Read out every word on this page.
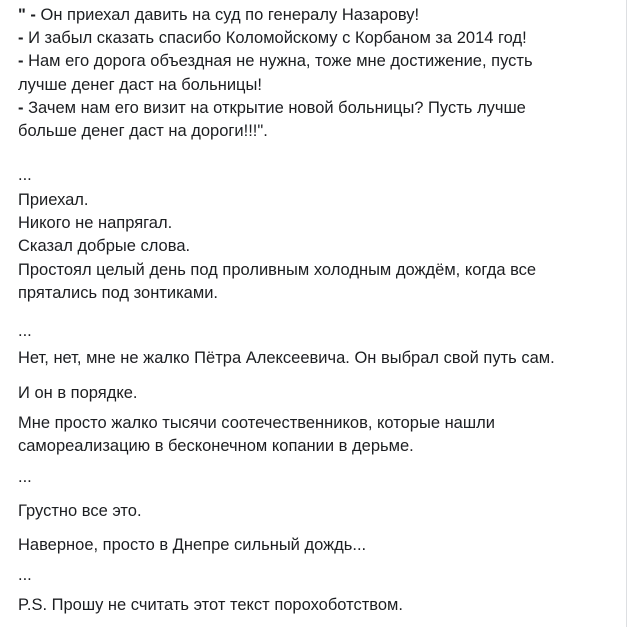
" - Он приехал давить на суд по генералу Назарову!
- И забыл сказать спасибо Коломойскому с Корбаном за 2014 год!
- Нам его дорога объездная не нужна, тоже мне достижение, пусть
лучше денег даст на больницы!
- Зачем нам его визит на открытие новой больницы? Пусть лучше
больше денег даст на дороги!!!".
...
Приехал.
Никого не напрягал.
Сказал добрые слова.
Простоял целый день под проливным холодным дождём, когда все
прятались под зонтиками.
...
Нет, нет, мне не жалко Пётра Алексеевича. Он выбрал свой путь сам.
И он в порядке.
Мне просто жалко тысячи соотечественников, которые нашли
самореализацию в бесконечном копании в дерьме.
...
Грустно все это.
Наверное, просто в Днепре сильный дождь...
...
P.S. Прошу не считать этот текст порохоботством.
